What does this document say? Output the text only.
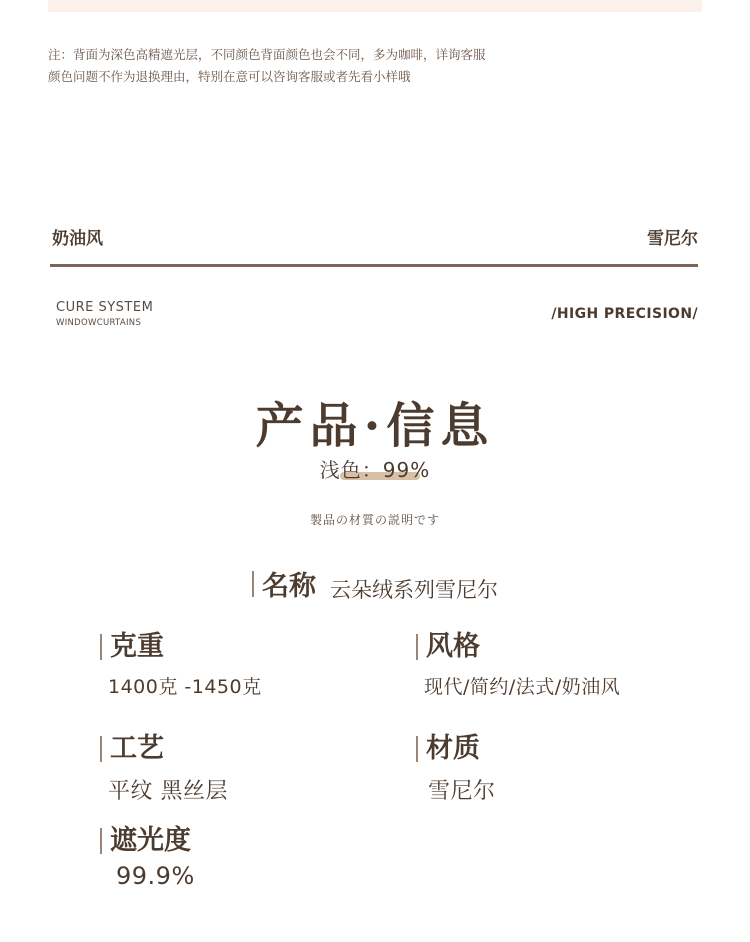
注：背面为深色高精遮光层，不同颜色背面颜色也会不同，多为咖啡，详询客服
颜色问题不作为退换理由，特别在意可以咨询客服或者先看小样哦
奶油风	雪尼尔
CURE SYSTEM
WINDOWCURTAINS
/HIGH PRECISION/
产品·信息
浅色：99%
製品の材質の説明です
名称 云朵绒系列雪尼尔
克重
1400克 -1450克
风格
现代/简约/法式/奶油风
工艺
平纹 黑丝层
材质
雪尼尔
遮光度
99.9%
